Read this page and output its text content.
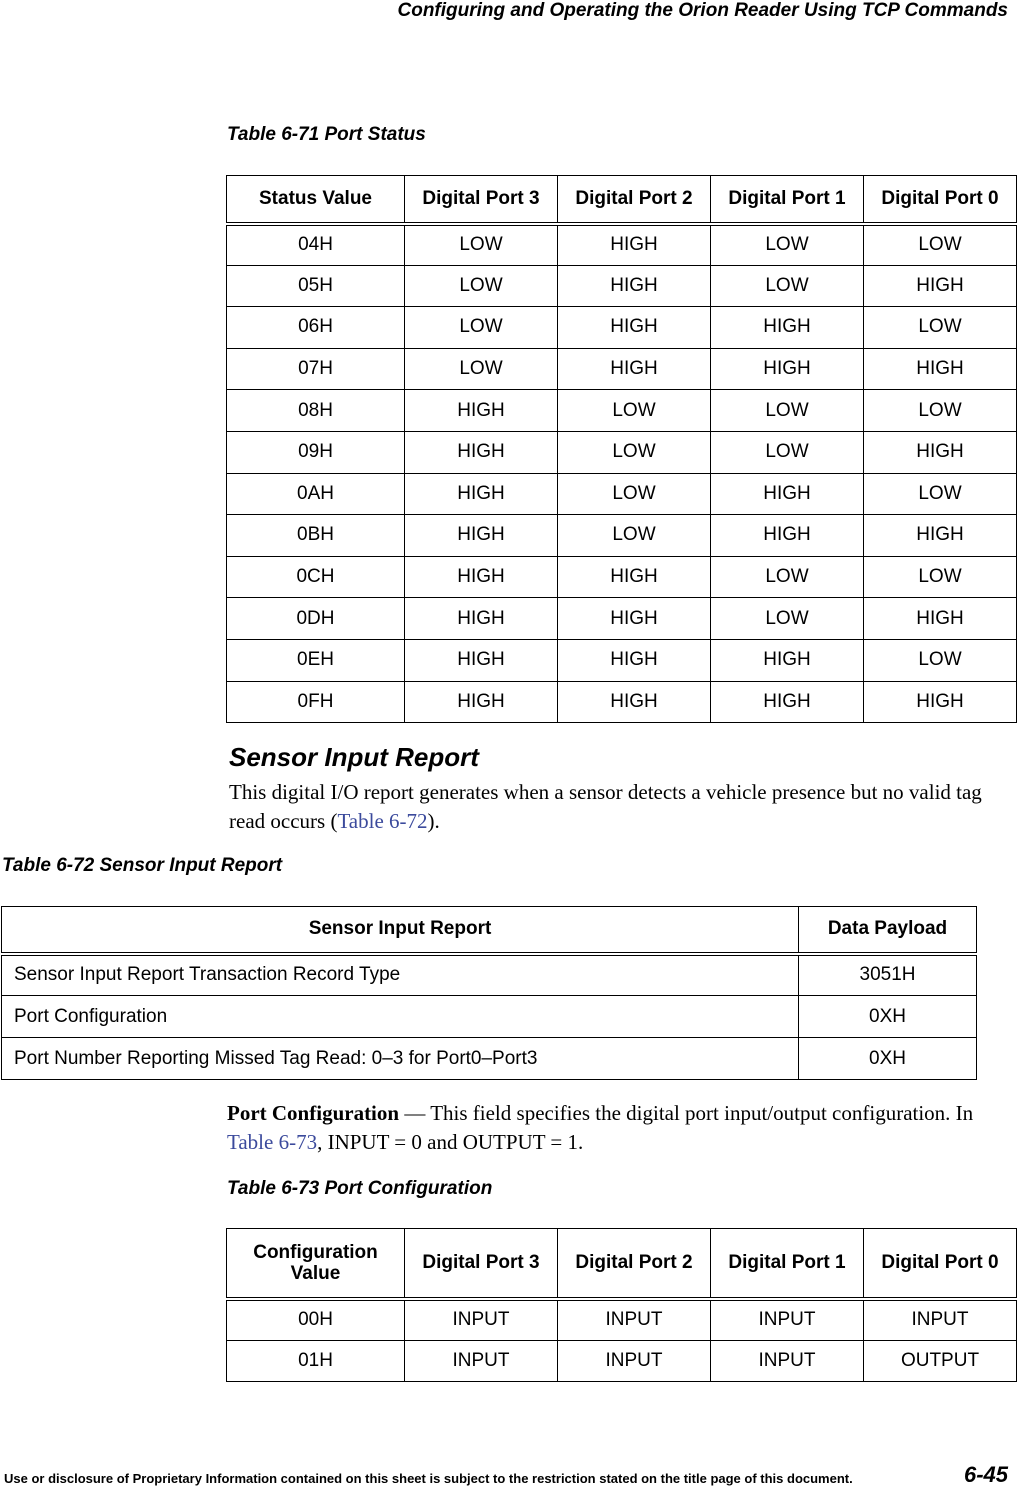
Configuring and Operating the Orion Reader Using TCP Commands
Table 6-71 Port Status
Status Value	Digital Port 3	Digital Port 2	Digital Port 1	Digital Port 0
04H	LOW	HIGH	LOW	LOW
05H	LOW	HIGH	LOW	HIGH
06H	LOW	HIGH	HIGH	LOW
07H	LOW	HIGH	HIGH	HIGH
08H	HIGH	LOW	LOW	LOW
09H	HIGH	LOW	LOW	HIGH
0AH	HIGH	LOW	HIGH	LOW
0BH	HIGH	LOW	HIGH	HIGH
0CH	HIGH	HIGH	LOW	LOW
0DH	HIGH	HIGH	LOW	HIGH
0EH	HIGH	HIGH	HIGH	LOW
0FH	HIGH	HIGH	HIGH	HIGH
Sensor Input Report
This digital I/O report generates when a sensor detects a vehicle presence but no valid tag read occurs (Table 6-72).
Table 6-72 Sensor Input Report
Sensor Input Report	Data Payload
Sensor Input Report Transaction Record Type	3051H
Port Configuration	0XH
Port Number Reporting Missed Tag Read: 0–3 for Port0–Port3	0XH
Port Configuration — This field specifies the digital port input/output configuration. In Table 6-73, INPUT = 0 and OUTPUT = 1.
Table 6-73 Port Configuration
Configuration Value	Digital Port 3	Digital Port 2	Digital Port 1	Digital Port 0
00H	INPUT	INPUT	INPUT	INPUT
01H	INPUT	INPUT	INPUT	OUTPUT
Use or disclosure of Proprietary Information contained on this sheet is subject to the restriction stated on the title page of this document.	6-45
